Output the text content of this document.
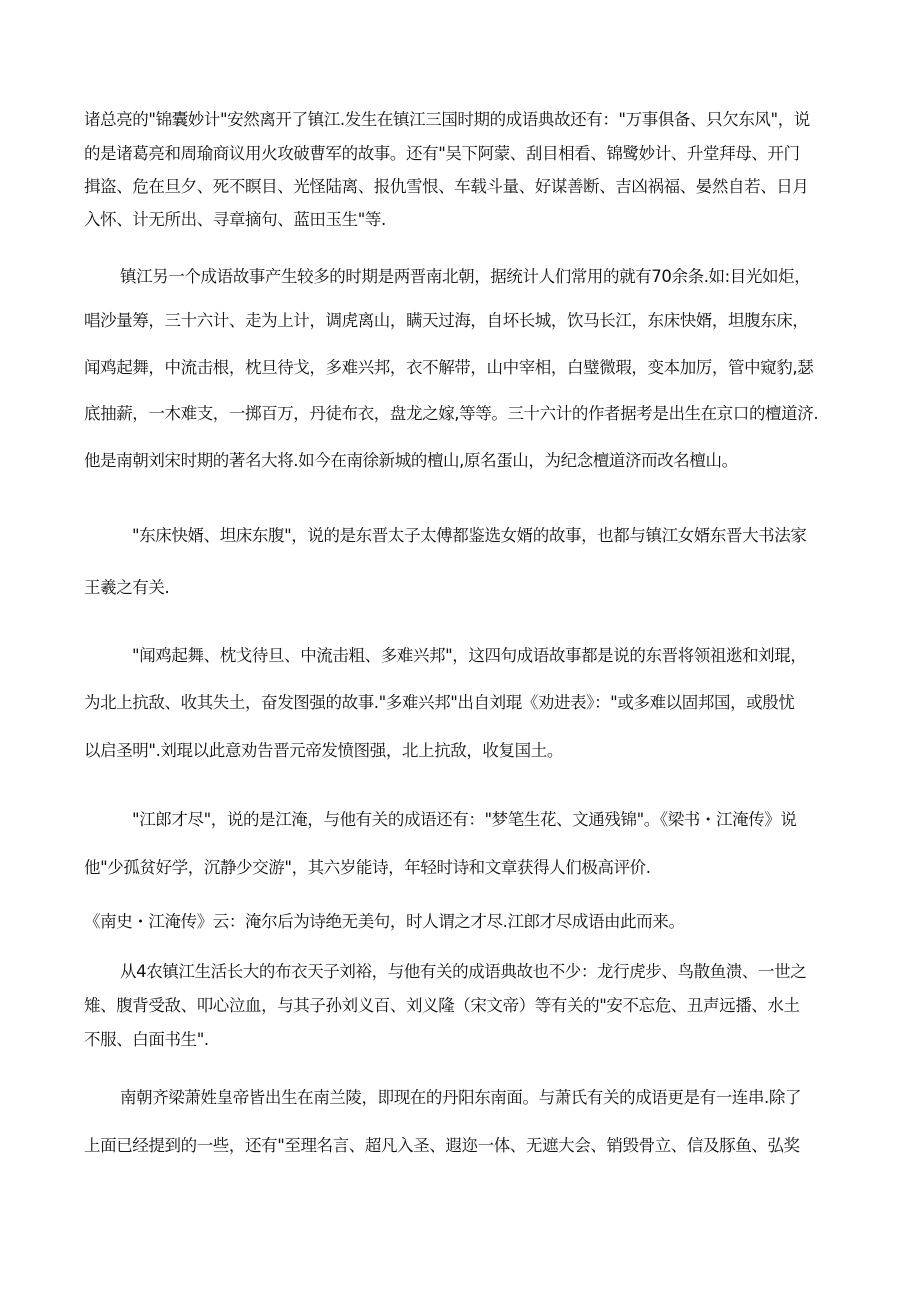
诸总亮的"锦囊妙计"安然离开了镇江.发生在镇江三国时期的成语典故还有："万事俱备、只欠东风"，说
的是诸葛亮和周瑜商议用火攻破曹军的故事。还有"吴下阿蒙、刮目相看、锦鹭妙计、升堂拜母、开门
揖盗、危在旦夕、死不瞑目、光怪陆离、报仇雪恨、车载斗量、好谋善断、吉凶祸福、晏然自若、日月
入怀、计无所出、寻章摘句、蓝田玉生"等.
镇江另一个成语故事产生较多的时期是两晋南北朝，据统计人们常用的就有70余条.如:目光如炬，
唱沙量筹，三十六计、走为上计，调虎离山，瞒天过海，自坏长城，饮马长江，东床快婿，坦腹东床，
闻鸡起舞，中流击根，枕旦待戈，多难兴邦，衣不解带，山中宰相，白璧微瑕，变本加厉，管中窥豹,瑟
底抽薪，一木难支，一掷百万，丹徒布衣，盘龙之嫁,等等。三十六计的作者据考是出生在京口的檀道济.
他是南朝刘宋时期的著名大将.如今在南徐新城的檀山,原名蛋山，为纪念檀道济而改名檀山。
"东床快婿、坦床东腹"，说的是东晋太子太傅都鉴选女婿的故事，也都与镇江女婿东晋大书法家
王羲之有关.
"闻鸡起舞、枕戈待旦、中流击粗、多难兴邦"，这四句成语故事都是说的东晋将领祖逖和刘琨，
为北上抗敌、收其失土，奋发图强的故事."多难兴邦"出自刘琨《劝进表》："或多难以固邦国，或殷忧
以启圣明".刘琨以此意劝告晋元帝发愤图强，北上抗敌，收复国土。
"江郎才尽"，说的是江淹，与他有关的成语还有："梦笔生花、文通残锦"。《梁书・江淹传》说
他"少孤贫好学，沉静少交游"，其六岁能诗，年轻时诗和文章获得人们极高评价.
《南史・江淹传》云：淹尔后为诗绝无美句，时人谓之才尽.江郎才尽成语由此而来。
从4农镇江生活长大的布衣天子刘裕，与他有关的成语典故也不少：龙行虎步、鸟散鱼溃、一世之
雉、腹背受敌、叩心泣血，与其子孙刘义百、刘义隆（宋文帝）等有关的"安不忘危、丑声远播、水土
不服、白面书生".
南朝齐梁萧姓皇帝皆出生在南兰陵，即现在的丹阳东南面。与萧氏有关的成语更是有一连串.除了
上面已经提到的一些，还有"至理名言、超凡入圣、遐迩一体、无遮大会、销毁骨立、信及豚鱼、弘奖
